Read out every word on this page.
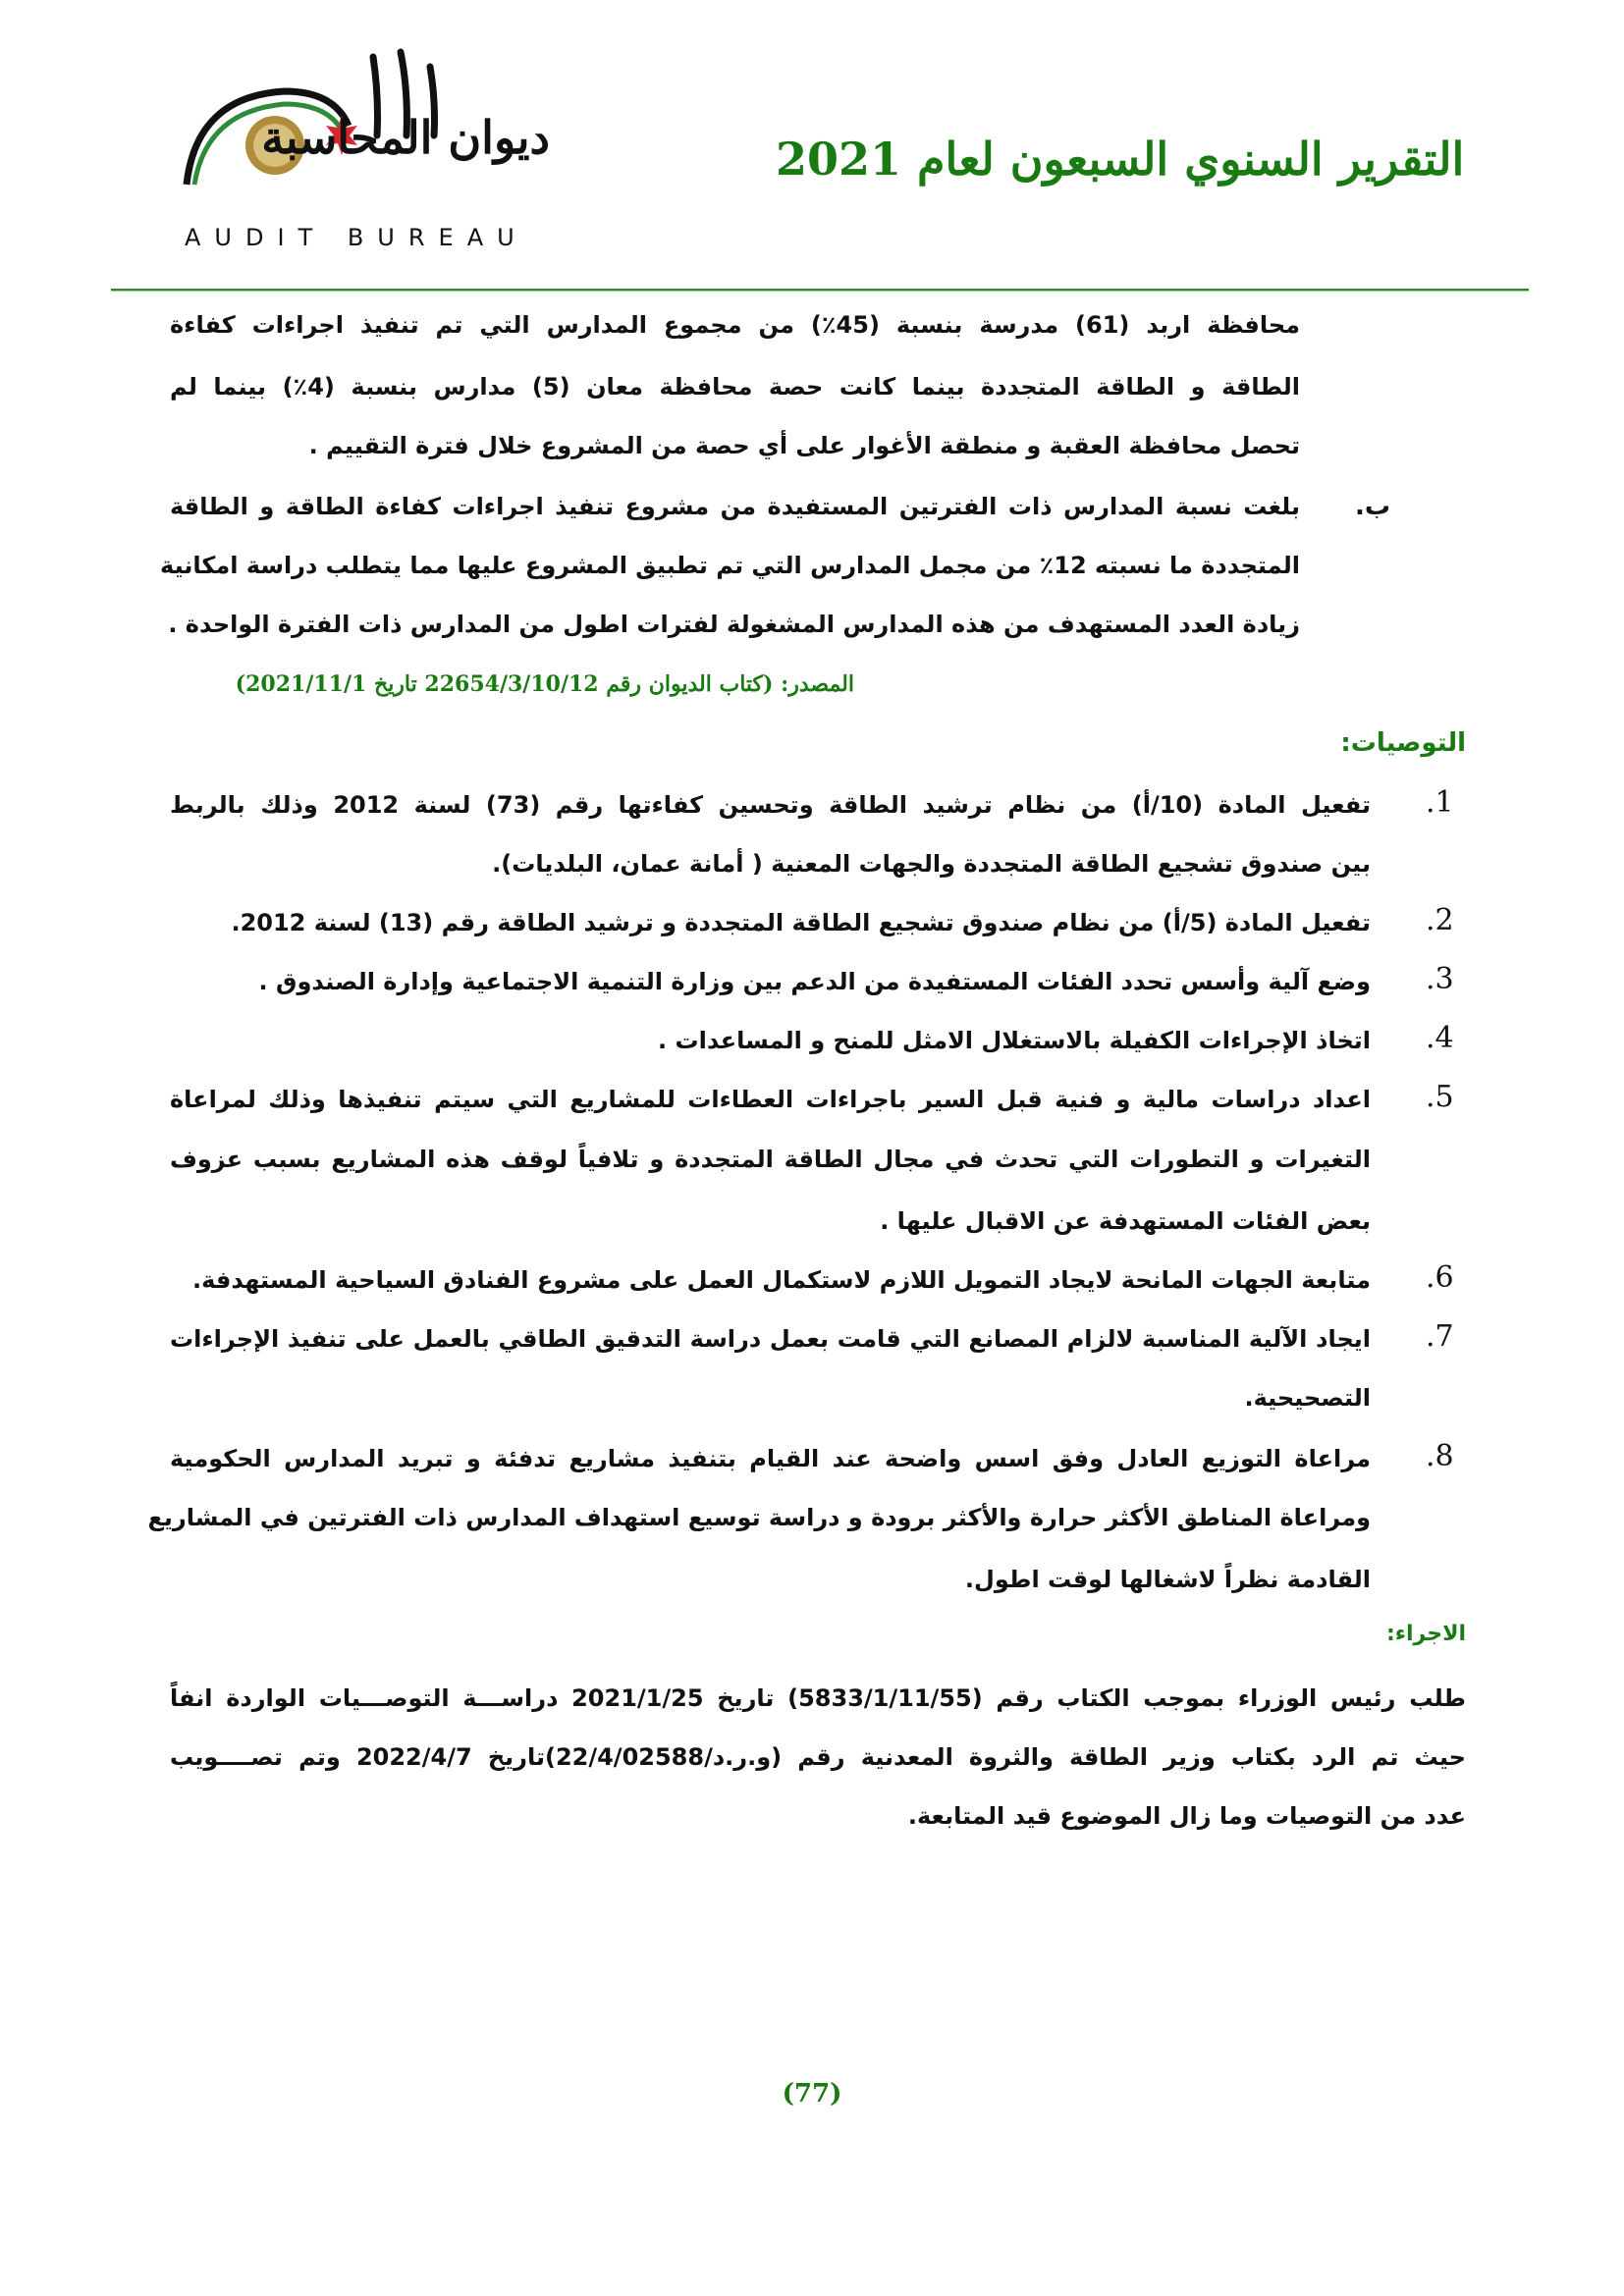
ديوان المحاسبة
AUDIT BUREAU
التقرير السنوي السبعون لعام 2021
محافظة اربد (61) مدرسة بنسبة (45٪) من مجموع المدارس التي تم تنفيذ اجراءات كفاءة
الطاقة و الطاقة المتجددة بينما كانت حصة محافظة معان (5) مدارس بنسبة (4٪) بينما لم
تحصل محافظة العقبة و منطقة الأغوار على أي حصة من المشروع خلال فترة التقييم .
ب.
بلغت نسبة المدارس ذات الفترتين المستفيدة من مشروع تنفيذ اجراءات كفاءة الطاقة و الطاقة
المتجددة ما نسبته 12٪ من مجمل المدارس التي تم تطبيق المشروع عليها مما يتطلب دراسة امكانية
زيادة العدد المستهدف من هذه المدارس المشغولة لفترات اطول من المدارس ذات الفترة الواحدة .
المصدر: (كتاب الديوان رقم 22654/3/10/12 تاريخ 2021/11/1)
التوصيات:
1.
تفعيل المادة (10/أ) من نظام ترشيد الطاقة وتحسين كفاءتها رقم (73) لسنة 2012 وذلك بالربط
بين صندوق تشجيع الطاقة المتجددة والجهات المعنية ( أمانة عمان، البلديات).
2.
تفعيل المادة (5/أ) من نظام صندوق تشجيع الطاقة المتجددة و ترشيد الطاقة رقم (13) لسنة 2012.
3.
وضع آلية وأسس تحدد الفئات المستفيدة من الدعم بين وزارة التنمية الاجتماعية وإدارة الصندوق .
4.
اتخاذ الإجراءات الكفيلة بالاستغلال الامثل للمنح و المساعدات .
5.
اعداد دراسات مالية و فنية قبل السير باجراءات العطاءات للمشاريع التي سيتم تنفيذها وذلك لمراعاة
التغيرات و التطورات التي تحدث في مجال الطاقة المتجددة و تلافياً لوقف هذه المشاريع بسبب عزوف
بعض الفئات المستهدفة عن الاقبال عليها .
6.
متابعة الجهات المانحة لايجاد التمويل اللازم لاستكمال العمل على مشروع الفنادق السياحية المستهدفة.
7.
ايجاد الآلية المناسبة لالزام المصانع التي قامت بعمل دراسة التدقيق الطاقي بالعمل على تنفيذ الإجراءات
التصحيحية.
8.
مراعاة التوزيع العادل وفق اسس واضحة عند القيام بتنفيذ مشاريع تدفئة و تبريد المدارس الحكومية
ومراعاة المناطق الأكثر حرارة والأكثر برودة و دراسة توسيع استهداف المدارس ذات الفترتين في المشاريع
القادمة نظراً لاشغالها لوقت اطول.
الاجراء:
طلب رئيس الوزراء بموجب الكتاب رقم (5833/1/11/55) تاريخ 2021/1/25 دراســـة التوصـــيات الواردة انفاً
حيث تم الرد بكتاب وزير الطاقة والثروة المعدنية رقم (و.ر.د/22/4/02588)تاريخ 2022/4/7 وتم تصــــويب
عدد من التوصيات وما زال الموضوع قيد المتابعة.
(77)
